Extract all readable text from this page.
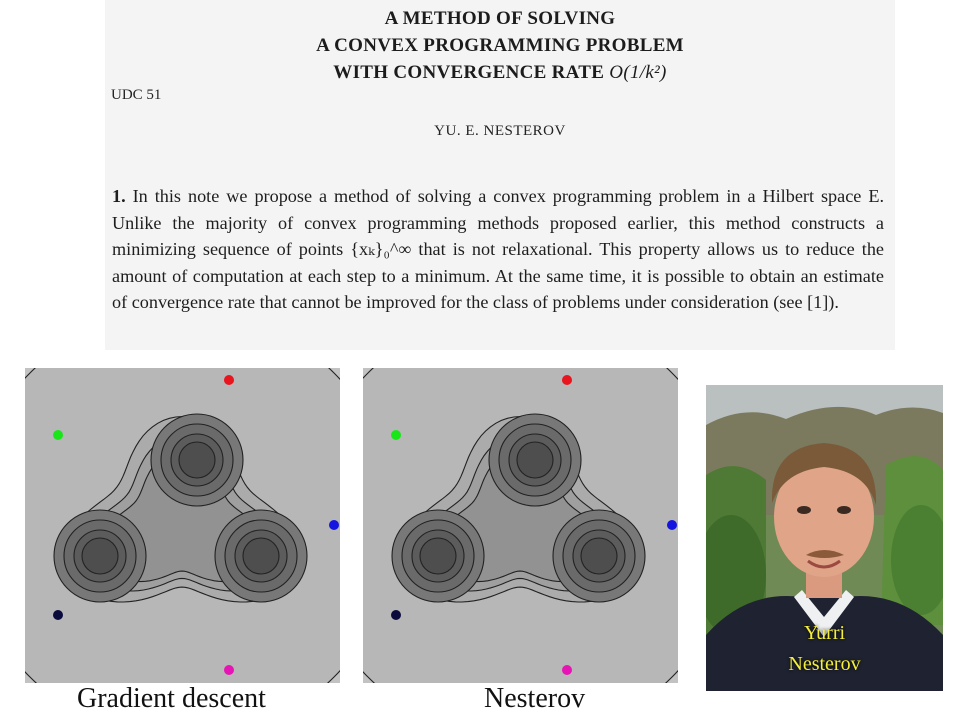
A METHOD OF SOLVING
A CONVEX PROGRAMMING PROBLEM
WITH CONVERGENCE RATE O(1/k²)
UDC 51
YU. E. NESTEROV
1. In this note we propose a method of solving a convex programming problem in a Hilbert space E. Unlike the majority of convex programming methods proposed earlier, this method constructs a minimizing sequence of points {xₖ}₀^∞ that is not relaxational. This property allows us to reduce the amount of computation at each step to a minimum. At the same time, it is possible to obtain an estimate of convergence rate that cannot be improved for the class of problems under consideration (see [1]).
Gradient descent	Nesterov
Yurri
Nesterov
